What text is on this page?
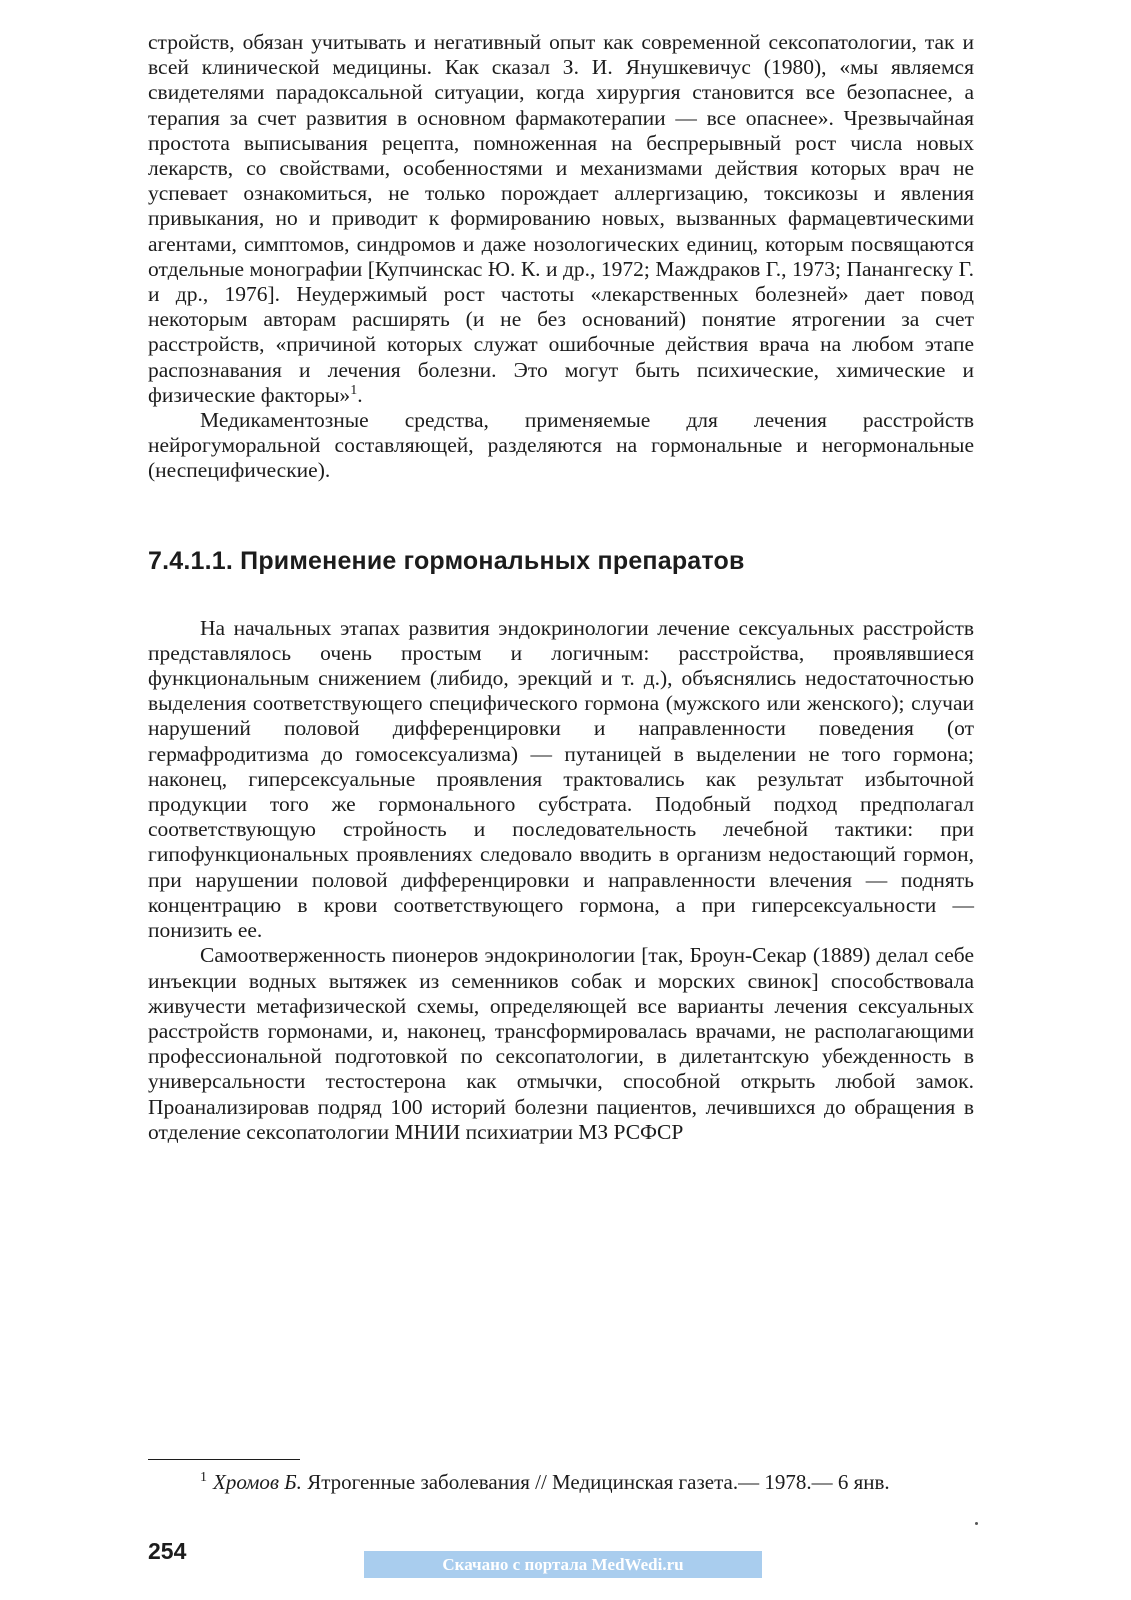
стройств, обязан учитывать и негативный опыт как современной сексопатологии, так и всей клинической медицины. Как сказал З. И. Янушкевичус (1980), «мы являемся свидетелями парадоксальной ситуации, когда хирургия становится все безопаснее, а терапия за счет развития в основном фармакотерапии — все опаснее». Чрезвычайная простота выписывания рецепта, помноженная на беспрерывный рост числа новых лекарств, со свойствами, особенностями и механизмами действия которых врач не успевает ознакомиться, не только порождает аллергизацию, токсикозы и явления привыкания, но и приводит к формированию новых, вызванных фармацевтическими агентами, симптомов, синдромов и даже нозологических единиц, которым посвящаются отдельные монографии [Купчинскас Ю. К. и др., 1972; Маждраков Г., 1973; Панангеску Г. и др., 1976]. Неудержимый рост частоты «лекарственных болезней» дает повод некоторым авторам расширять (и не без оснований) понятие ятрогении за счет расстройств, «причиной которых служат ошибочные действия врача на любом этапе распознавания и лечения болезни. Это могут быть психические, химические и физические факторы»$^1$.

Медикаментозные средства, применяемые для лечения расстройств нейрогуморальной составляющей, разделяются на гормональные и негормональные (неспецифические).

7.4.1.1. Применение гормональных препаратов

На начальных этапах развития эндокринологии лечение сексуальных расстройств представлялось очень простым и логичным: расстройства, проявлявшиеся функциональным снижением (либидо, эрекций и т. д.), объяснялись недостаточностью выделения соответствующего специфического гормона (мужского или женского); случаи нарушений половой дифференцировки и направленности поведения (от гермафродитизма до гомосексуализма) — путаницей в выделении не того гормона; наконец, гиперсексуальные проявления трактовались как результат избыточной продукции того же гормонального субстрата. Подобный подход предполагал соответствующую стройность и последовательность лечебной тактики: при гипофункциональных проявлениях следовало вводить в организм недостающий гормон, при нарушении половой дифференцировки и направленности влечения — поднять концентрацию в крови соответствующего гормона, а при гиперсексуальности — понизить ее.

Самоотверженность пионеров эндокринологии [так, Броун-Секар (1889) делал себе инъекции водных вытяжек из семенников собак и морских свинок] способствовала живучести метафизической схемы, определяющей все варианты лечения сексуальных расстройств гормонами, и, наконец, трансформировалась врачами, не располагающими профессиональной подготовкой по сексопатологии, в дилетантскую убежденность в универсальности тестостерона как отмычки, способной открыть любой замок. Проанализировав подряд 100 историй болезни пациентов, лечившихся до обращения в отделение сексопатологии МНИИ психиатрии МЗ РСФСР

$^1$ Хромов Б. Ятрогенные заболевания // Медицинская газета.— 1978.— 6 янв.
254
Скачано с портала MedWedi.ru
